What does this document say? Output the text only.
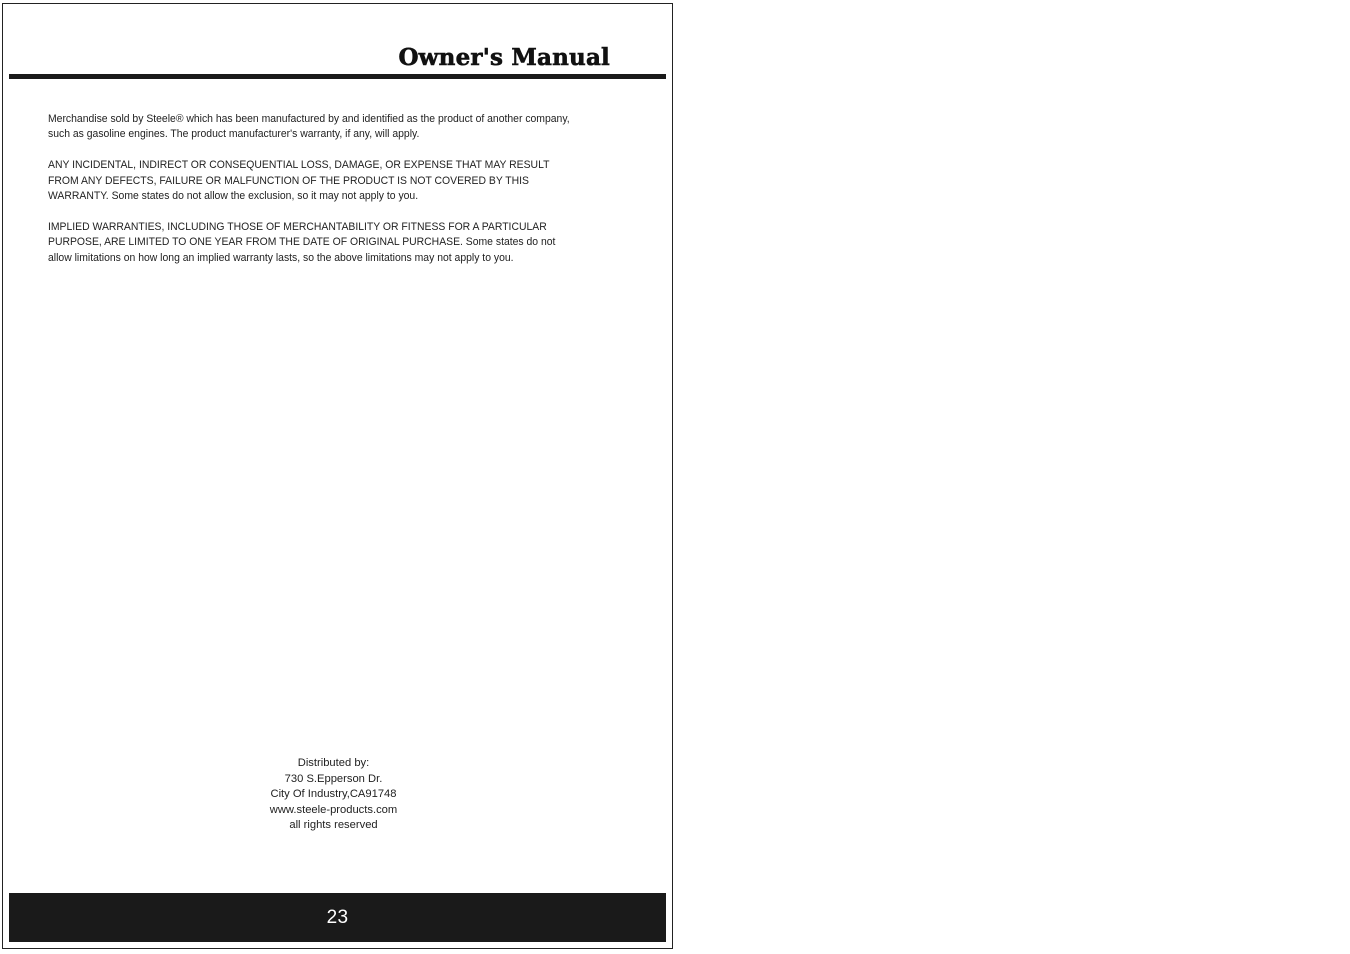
Owner's Manual

Merchandise sold by Steele® which has been manufactured by and identified as the product of another company, such as gasoline engines. The product manufacturer's warranty, if any, will apply.

ANY INCIDENTAL, INDIRECT OR CONSEQUENTIAL LOSS, DAMAGE, OR EXPENSE THAT MAY RESULT FROM ANY DEFECTS, FAILURE OR MALFUNCTION OF THE PRODUCT IS NOT COVERED BY THIS WARRANTY. Some states do not allow the exclusion, so it may not apply to you.

IMPLIED WARRANTIES, INCLUDING THOSE OF MERCHANTABILITY OR FITNESS FOR A PARTICULAR PURPOSE, ARE LIMITED TO ONE YEAR FROM THE DATE OF ORIGINAL PURCHASE. Some states do not allow limitations on how long an implied warranty lasts, so the above limitations may not apply to you.

Distributed by:
730 S.Epperson Dr.
City Of Industry,CA91748
www.steele-products.com
all rights reserved
23
